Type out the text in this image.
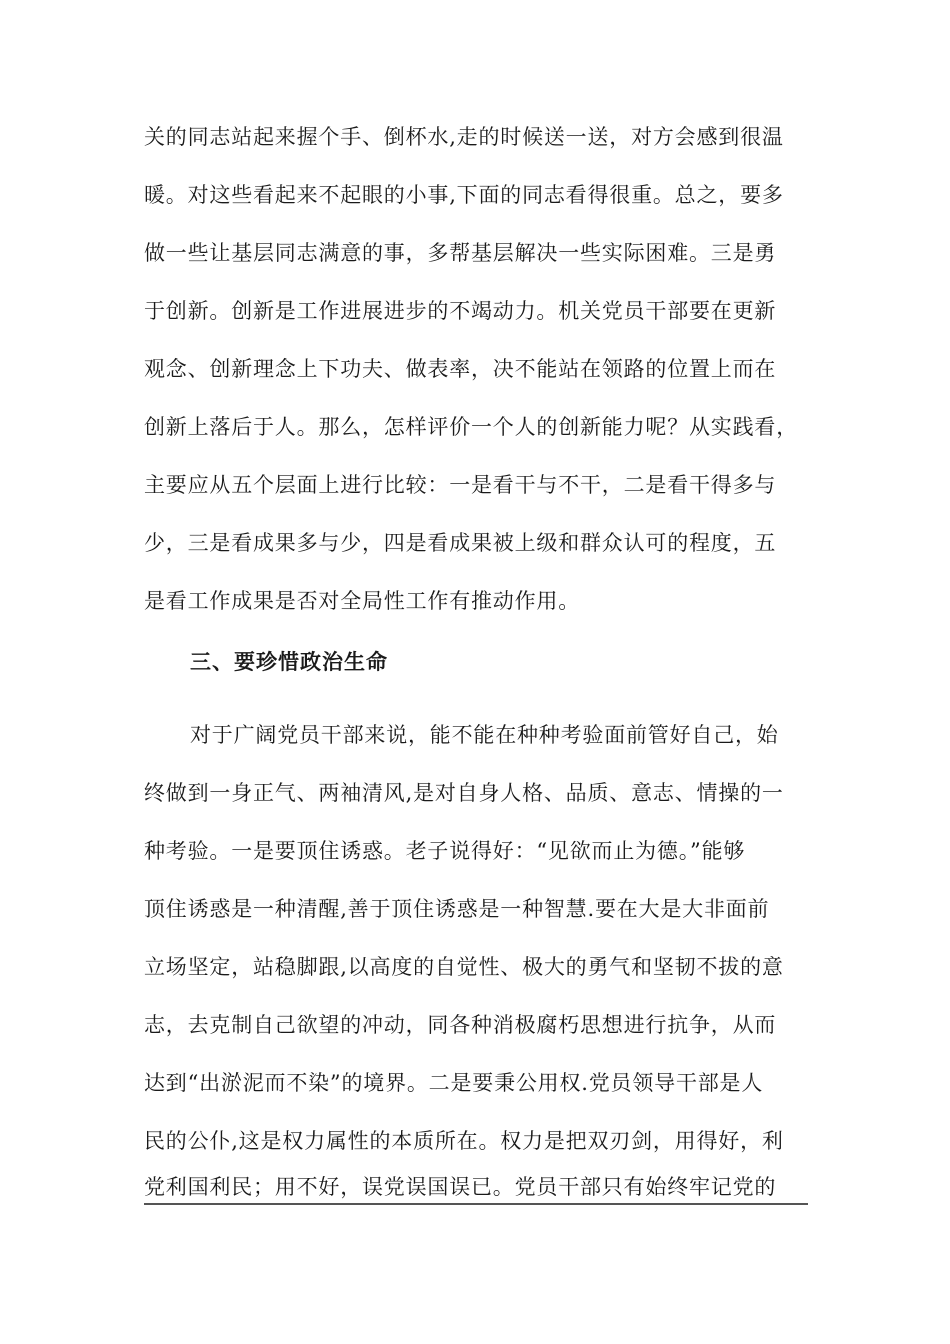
关的同志站起来握个手、倒杯水,走的时候送一送，对方会感到很温
暖。对这些看起来不起眼的小事,下面的同志看得很重。总之，要多
做一些让基层同志满意的事，多帮基层解决一些实际困难。三是勇
于创新。创新是工作进展进步的不竭动力。机关党员干部要在更新
观念、创新理念上下功夫、做表率，决不能站在领路的位置上而在
创新上落后于人。那么，怎样评价一个人的创新能力呢？从实践看，
主要应从五个层面上进行比较：一是看干与不干，二是看干得多与
少，三是看成果多与少，四是看成果被上级和群众认可的程度，五
是看工作成果是否对全局性工作有推动作用。
三、要珍惜政治生命
对于广阔党员干部来说，能不能在种种考验面前管好自己，始
终做到一身正气、两袖清风,是对自身人格、品质、意志、情操的一
种考验。一是要顶住诱惑。老子说得好：“见欲而止为德。”能够
顶住诱惑是一种清醒,善于顶住诱惑是一种智慧.要在大是大非面前
立场坚定，站稳脚跟,以高度的自觉性、极大的勇气和坚韧不拔的意
志，去克制自己欲望的冲动，同各种消极腐朽思想进行抗争，从而
达到“出淤泥而不染”的境界。二是要秉公用权.党员领导干部是人
民的公仆,这是权力属性的本质所在。权力是把双刃剑，用得好，利
党利国利民；用不好，误党误国误已。党员干部只有始终牢记党的
